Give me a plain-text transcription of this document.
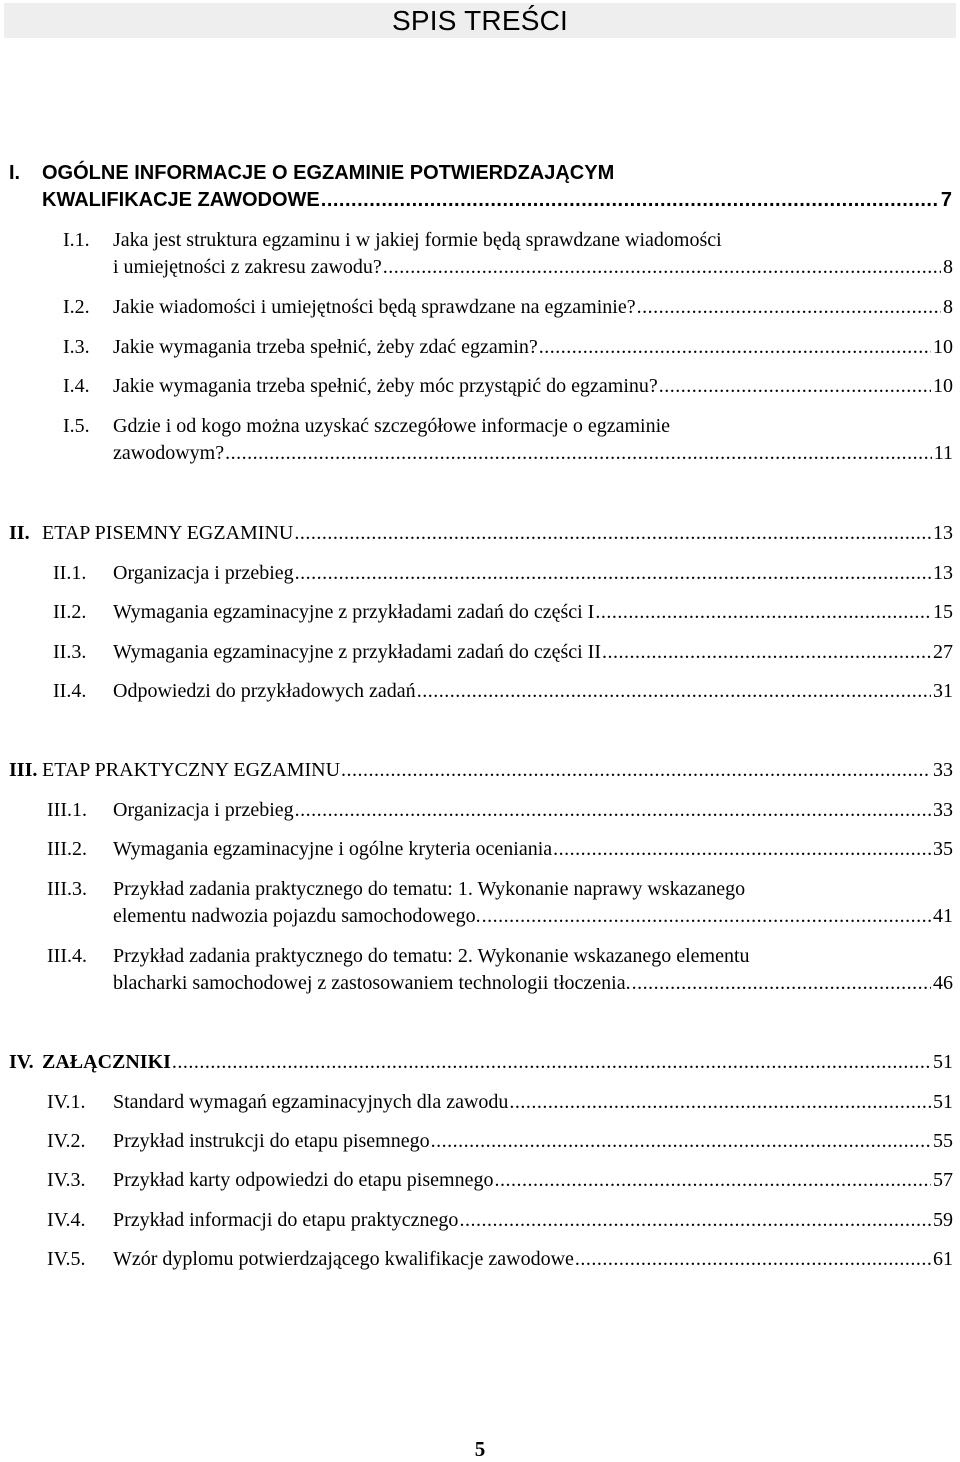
SPIS TREŚCI
I. OGÓLNE INFORMACJE O EGZAMINIE POTWIERDZAJĄCYM
KWALIFIKACJE ZAWODOWE .....	7
I.1. Jaka jest struktura egzaminu i w jakiej formie będą sprawdzane wiadomości
i umiejętności z zakresu zawodu? .....	8
I.2. Jakie wiadomości i umiejętności będą sprawdzane na egzaminie? .....	8
I.3. Jakie wymagania trzeba spełnić, żeby zdać egzamin? .....	10
I.4. Jakie wymagania trzeba spełnić, żeby móc przystąpić do egzaminu? .....	10
I.5. Gdzie i od kogo można uzyskać szczegółowe informacje o egzaminie
zawodowym? .....	11
II. ETAP PISEMNY EGZAMINU .....	13
II.1. Organizacja i przebieg .....	13
II.2. Wymagania egzaminacyjne z przykładami zadań do części I .....	15
II.3. Wymagania egzaminacyjne z przykładami zadań do części II .....	27
II.4. Odpowiedzi do przykładowych zadań .....	31
III. ETAP PRAKTYCZNY EGZAMINU .....	33
III.1. Organizacja i przebieg .....	33
III.2. Wymagania egzaminacyjne i ogólne kryteria oceniania .....	35
III.3. Przykład zadania praktycznego do tematu: 1. Wykonanie naprawy wskazanego
elementu nadwozia pojazdu samochodowego. .....	41
III.4. Przykład zadania praktycznego do tematu: 2. Wykonanie wskazanego elementu
blacharki samochodowej z zastosowaniem technologii tłoczenia. .....	46
IV. ZAŁĄCZNIKI .....	51
IV.1. Standard wymagań egzaminacyjnych dla zawodu .....	51
IV.2. Przykład instrukcji do etapu pisemnego .....	55
IV.3. Przykład karty odpowiedzi do etapu pisemnego .....	57
IV.4. Przykład informacji do etapu praktycznego .....	59
IV.5. Wzór dyplomu potwierdzającego kwalifikacje zawodowe .....	61
5
